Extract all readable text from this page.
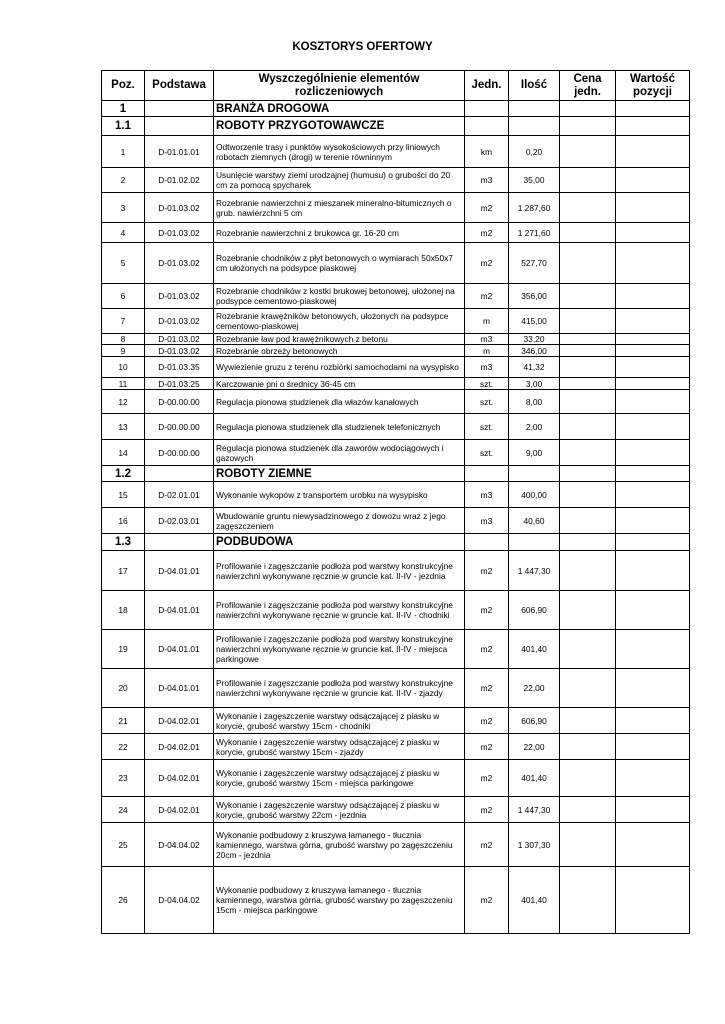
KOSZTORYS OFERTOWY
Poz.	Podstawa	Wyszczególnienie elementów rozliczeniowych	Jedn.	Ilość	Cena jedn.	Wartość pozycji
1		BRANŻA DROGOWA				
1.1		ROBOTY PRZYGOTOWAWCZE				
1	D-01.01.01	Odtworzenie trasy i punktów wysokościowych przy liniowych robotach ziemnych (drogi) w terenie równinnym	km	0,20		
2	D-01.02.02	Usunięcie warstwy ziemi urodzajnej (humusu) o grubości do 20 cm za pomocą spycharek	m3	35,00		
3	D-01.03.02	Rozebranie nawierzchni z mieszanek mineralno-bitumicznych o grub. nawierzchni 5 cm	m2	1 287,60		
4	D-01.03.02	Rozebranie nawierzchni z brukowca gr. 16-20 cm	m2	1 271,60		
5	D-01.03.02	Rozebranie chodników z płyt betonowych o wymiarach 50x50x7 cm ułożonych na podsypce piaskowej	m2	527,70		
6	D-01.03.02	Rozebranie chodników z kostki brukowej betonowej, ułożonej na podsypce cementowo-piaskowej	m2	356,00		
7	D-01.03.02	Rozebranie krawężników betonowych, ułożonych na podsypce cementowo-piaskowej	m	415,00		
8	D-01.03.02	Rozebranie ław pod krawężnikowych z betonu	m3	33,20		
9	D-01.03.02	Rozebranie obrzeży betonowych	m	346,00		
10	D-01.03.35	Wywiezienie gruzu z terenu rozbiórki samochodami na wysypisko	m3	41,32		
11	D-01.03.25	Karczowanie pni o średnicy 36-45 cm	szt.	3,00		
12	D-00.00.00	Regulacja pionowa studzienek dla włazów kanałowych	szt.	8,00		
13	D-00.00.00	Regulacja pionowa studzienek dla studzienek telefonicznych	szt.	2,00		
14	D-00.00.00	Regulacja pionowa studzienek dla zaworów wodociągowych i gazowych	szt.	9,00		
1.2		ROBOTY ZIEMNE				
15	D-02.01.01	Wykonanie wykopów z transportem urobku na wysypisko	m3	400,00		
16	D-02.03.01	Wbudowanie gruntu niewysadzinowego z dowozu wraz z jego zagęszczeniem	m3	40,60		
1.3		PODBUDOWA				
17	D-04.01.01	Profilowanie i zagęszczanie podłoża pod warstwy konstrukcyjne nawierzchni wykonywane ręcznie w gruncie kat. II-IV - jezdnia	m2	1 447,30		
18	D-04.01.01	Profilowanie i zagęszczanie podłoża pod warstwy konstrukcyjne nawierzchni wykonywane ręcznie w gruncie kat. II-IV - chodniki	m2	606,90		
19	D-04.01.01	Profilowanie i zagęszczanie podłoża pod warstwy konstrukcyjne nawierzchni wykonywane ręcznie w gruncie kat. II-IV - miejsca parkingowe	m2	401,40		
20	D-04.01.01	Profilowanie i zagęszczanie podłoża pod warstwy konstrukcyjne nawierzchni wykonywane ręcznie w gruncie kat. II-IV - zjazdy	m2	22,00		
21	D-04.02.01	Wykonanie i zagęszczenie warstwy odsączającej z piasku w korycie, grubość warstwy 15cm - chodniki	m2	606,90		
22	D-04.02.01	Wykonanie i zagęszczenie warstwy odsączającej z piasku w korycie, grubość warstwy 15cm - zjazdy	m2	22,00		
23	D-04.02.01	Wykonanie i zagęszczenie warstwy odsączającej z piasku w korycie, grubość warstwy 15cm - miejsca parkingowe	m2	401,40		
24	D-04.02.01	Wykonanie i zagęszczenie warstwy odsączającej z piasku w korycie, grubość warstwy 22cm - jezdnia	m2	1 447,30		
25	D-04.04.02	Wykonanie podbudowy z kruszywa łamanego - tłucznia kamiennego, warstwa górna, grubość warstwy po zagęszczeniu 20cm - jezdnia	m2	1 307,30		
26	D-04.04.02	Wykonanie podbudowy z kruszywa łamanego - tłucznia kamiennego, warstwa górna, grubość warstwy po zagęszczeniu 15cm - miejsca parkingowe	m2	401,40		
